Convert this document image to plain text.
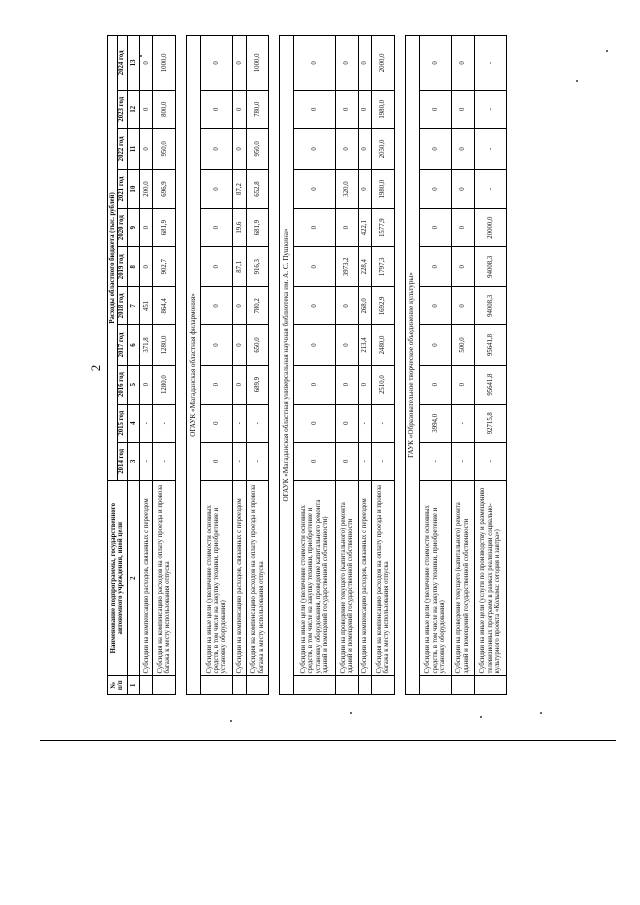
2
№ п/п	Наименование подпрограммы, государственного автономного учреждения, иной цели	Расходы областного бюджета (тыс. рублей)										
		2014 год	2015 год	2016 год	2017 год	2018 год	2019 год	2020 год	2021 год	2022 год	2023 год	2024 год
1	2	3	4	5	6	7	8	9	10	11	12	13
	Субсидии на компенсацию расходов, связанных с переездом	-	-	0	371,8	451	0	0	200,0	0	0	0
	Субсидия на компенсацию расходов на оплату проезда и провоза багажа к месту использования отпуска	-	-	1280,0	1280,0	864,4	902,7	681,9	696,9	950,0	800,0	1000,0

ОГАУК «Магаданская областная филармония»												
	Субсидии на иные цели (увеличение стоимости основных средств, в том числе на закупку техники, приобретение и установку оборудования)	0	0	0	0	0	0	0	0	0	0	0
	Субсидии на компенсацию расходов, связанных с переездом	-	-	0	0	0	87,1	19,6	87,2	0	0	0
	Субсидия на компенсацию расходов на оплату проезда и провоза багажа к месту использования отпуска	-	-	689,9	650,0	780,2	916,3	681,9	652,8	950,0	780,0	1000,0

ОГАУК «Магаданская областная универсальная научная библиотека им. А. С. Пушкина»												
	Субсидии на иные цели (увеличение стоимости основных средств, в том числе на закупку техники, приобретение и установку оборудования, проведение капитального ремонта зданий и помещений государственной собственности)	0	0	0	0	0	0	0	0	0	0	0
	Субсидии на проведение текущего (капитального) ремонта зданий и помещений государственной собственности	0	0	0	0	0	3973,2	0	320,0	0	0	0
	Субсидии на компенсацию расходов, связанных с переездом	-	-	0	213,4	268,0	228,4	422,1	0	0	0	0
	Субсидия на компенсацию расходов на оплату проезда и провоза багажа к месту использования отпуска	-	-	2510,0	2480,0	1692,9	1797,3	1577,9	1980,0	2030,0	1980,0	2000,0

ГАУК «Образовательное творческое объединение культуры»												
	Субсидии на иные цели (увеличение стоимости основных средств, в том числе на закупку техники, приобретение и установку оборудования)	-	3994,0	0	0	0	0	0	0	0	0	0
	Субсидии на проведение текущего (капитального) ремонта зданий и помещений государственной собственности	-	-	0	500,0	0	0	0	0	0	0	0
	Субсидии на иные цели (услуги по производству и размещению телевизионных программ в рамках реализации социально-культурного проекта «Колыма: сегодня и завтра»)	-	92715,8	95641,8	95641,8	94008,3	94008,3	20000,0	-	-	-	-
